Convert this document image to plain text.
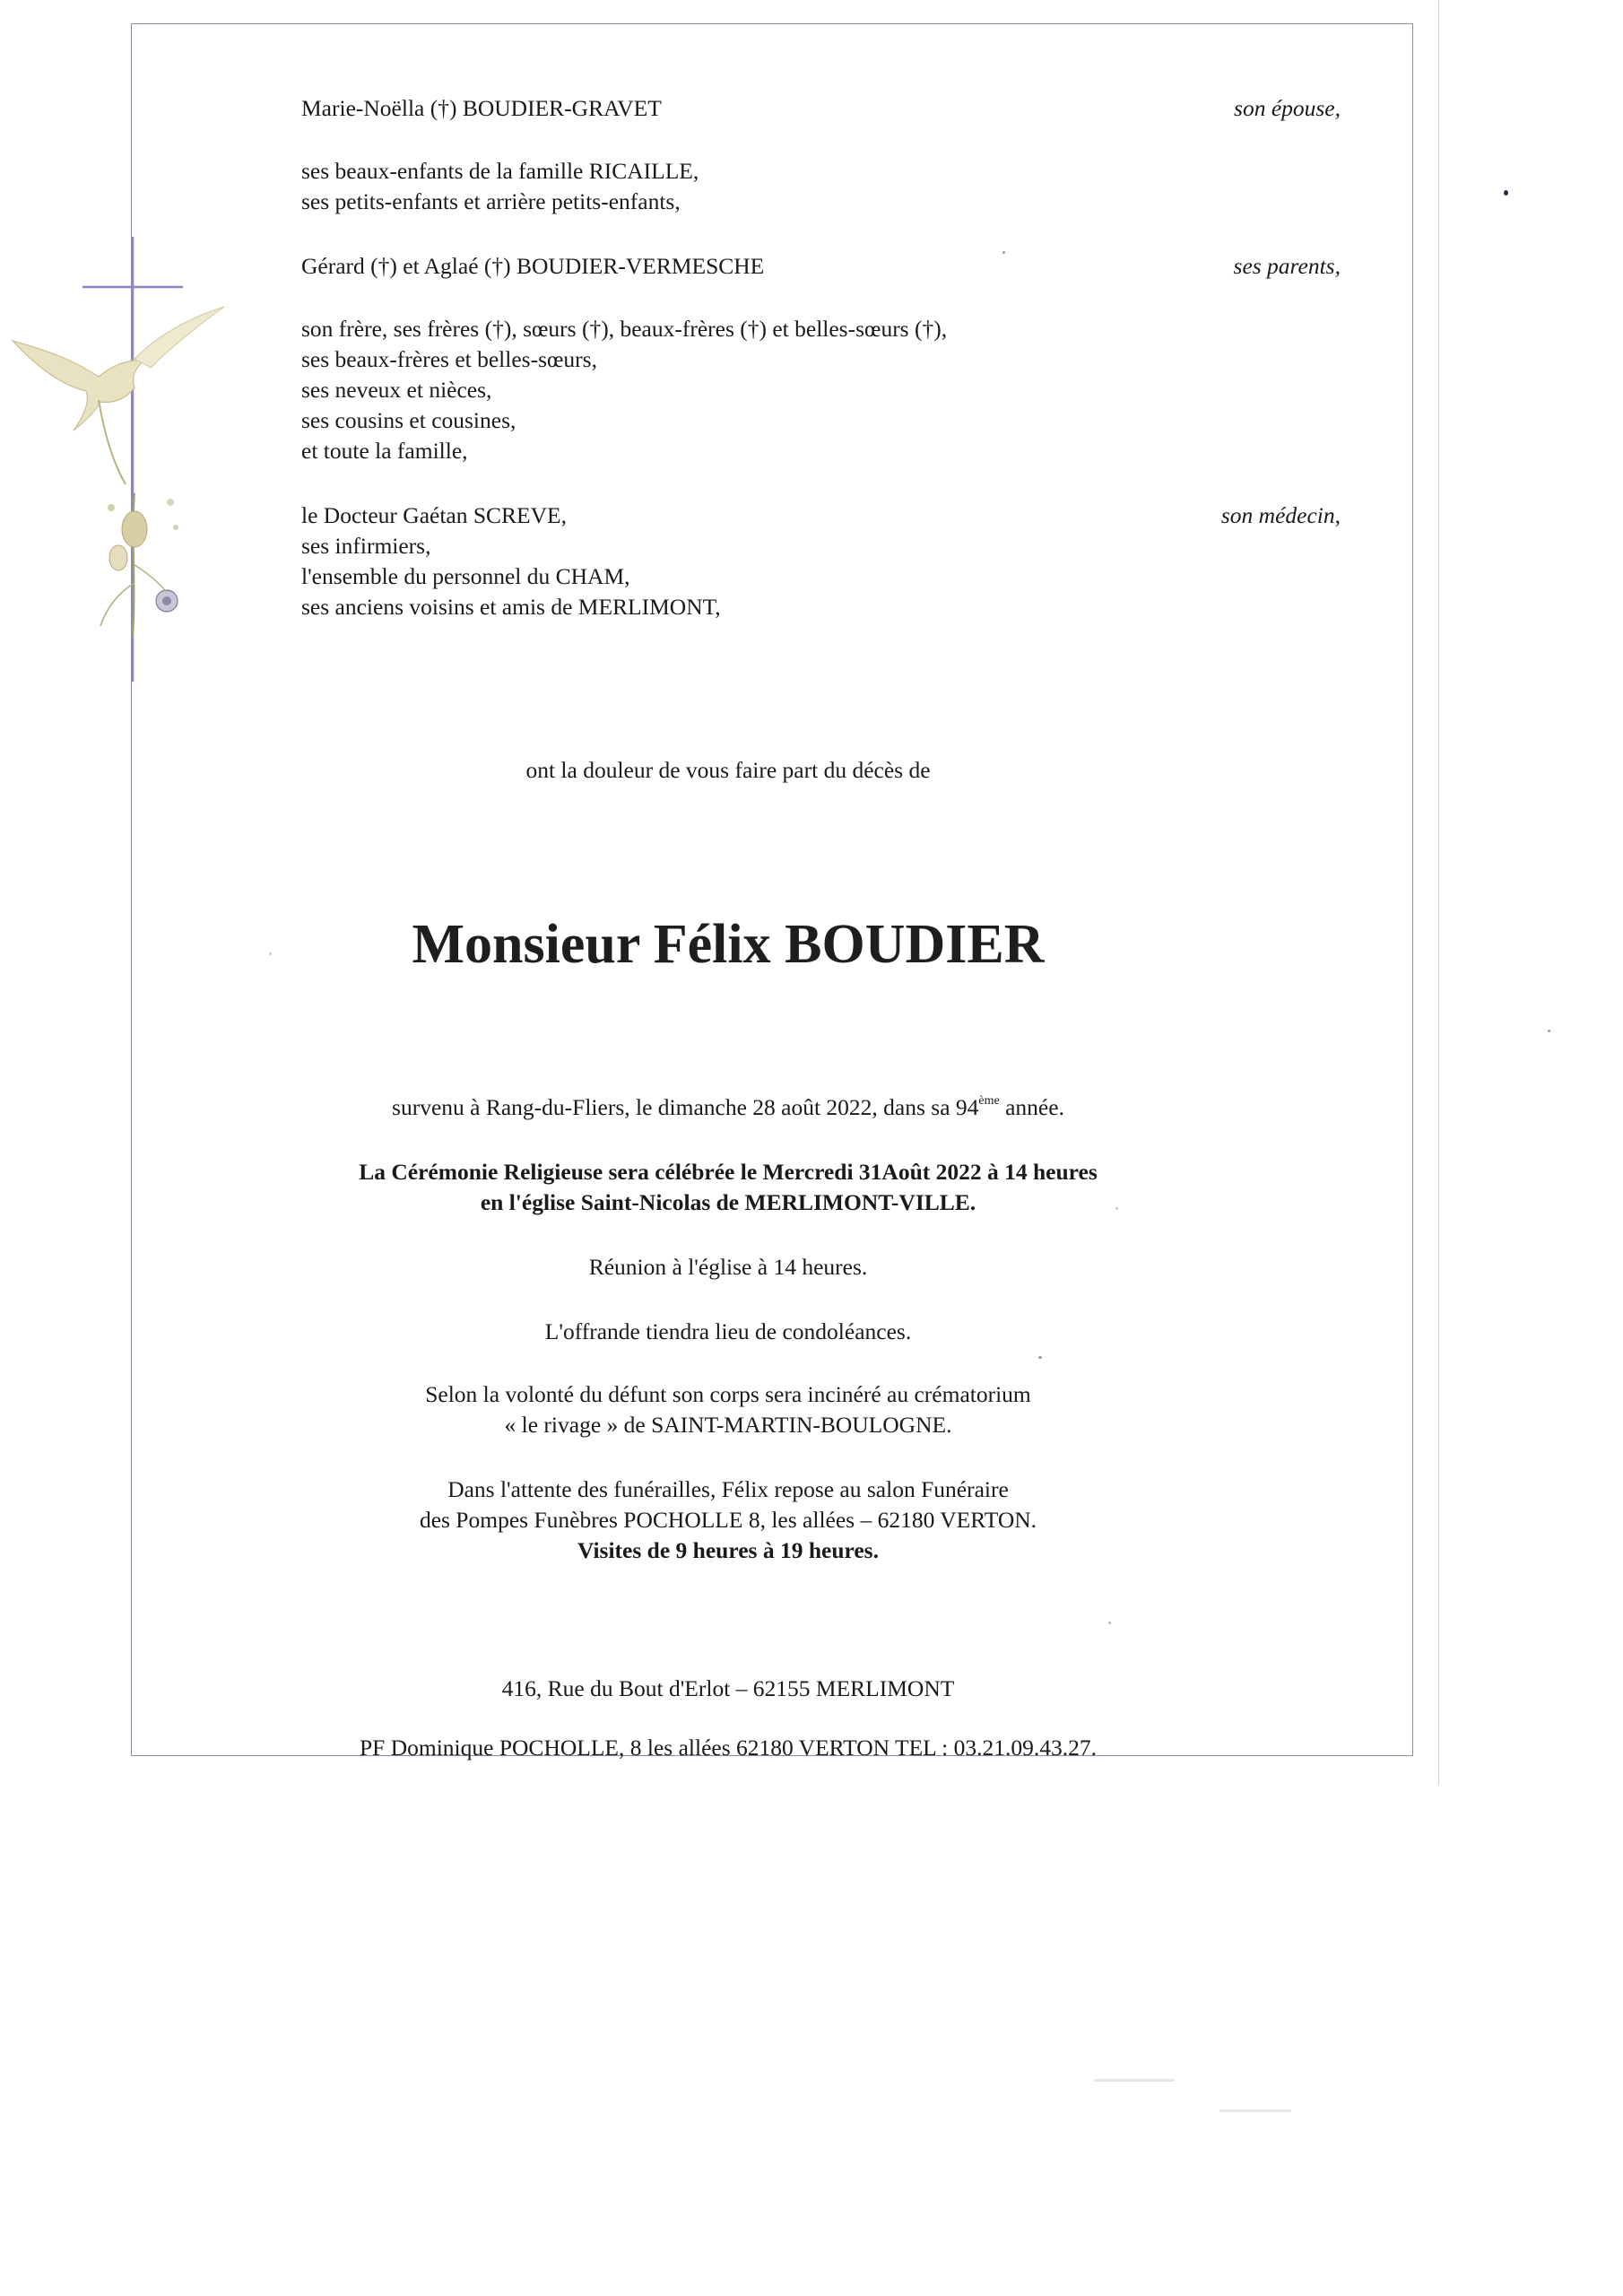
Marie-Noëlla (†) BOUDIER-GRAVET	son épouse,
ses beaux-enfants de la famille RICAILLE,
ses petits-enfants et arrière petits-enfants,
Gérard (†) et Aglaé (†) BOUDIER-VERMESCHE	ses parents,
son frère, ses frères (†), sœurs (†), beaux-frères (†) et belles-sœurs (†),
ses beaux-frères et belles-sœurs,
ses neveux et nièces,
ses cousins et cousines,
et toute la famille,
le Docteur Gaétan SCREVE,	son médecin,
ses infirmiers,
l'ensemble du personnel du CHAM,
ses anciens voisins et amis de MERLIMONT,
ont la douleur de vous faire part du décès de
Monsieur Félix BOUDIER
survenu à Rang-du-Fliers, le dimanche 28 août 2022, dans sa 94ème année.
La Cérémonie Religieuse sera célébrée le Mercredi 31Août 2022 à 14 heures
en l'église Saint-Nicolas de MERLIMONT-VILLE.
Réunion à l'église à 14 heures.
L'offrande tiendra lieu de condoléances.
Selon la volonté du défunt son corps sera incinéré au crématorium
« le rivage » de SAINT-MARTIN-BOULOGNE.
Dans l'attente des funérailles, Félix repose au salon Funéraire
des Pompes Funèbres POCHOLLE 8, les allées – 62180 VERTON.
Visites de 9 heures à 19 heures.
416, Rue du Bout d'Erlot – 62155 MERLIMONT
PF Dominique POCHOLLE, 8 les allées 62180 VERTON TEL : 03.21.09.43.27.
